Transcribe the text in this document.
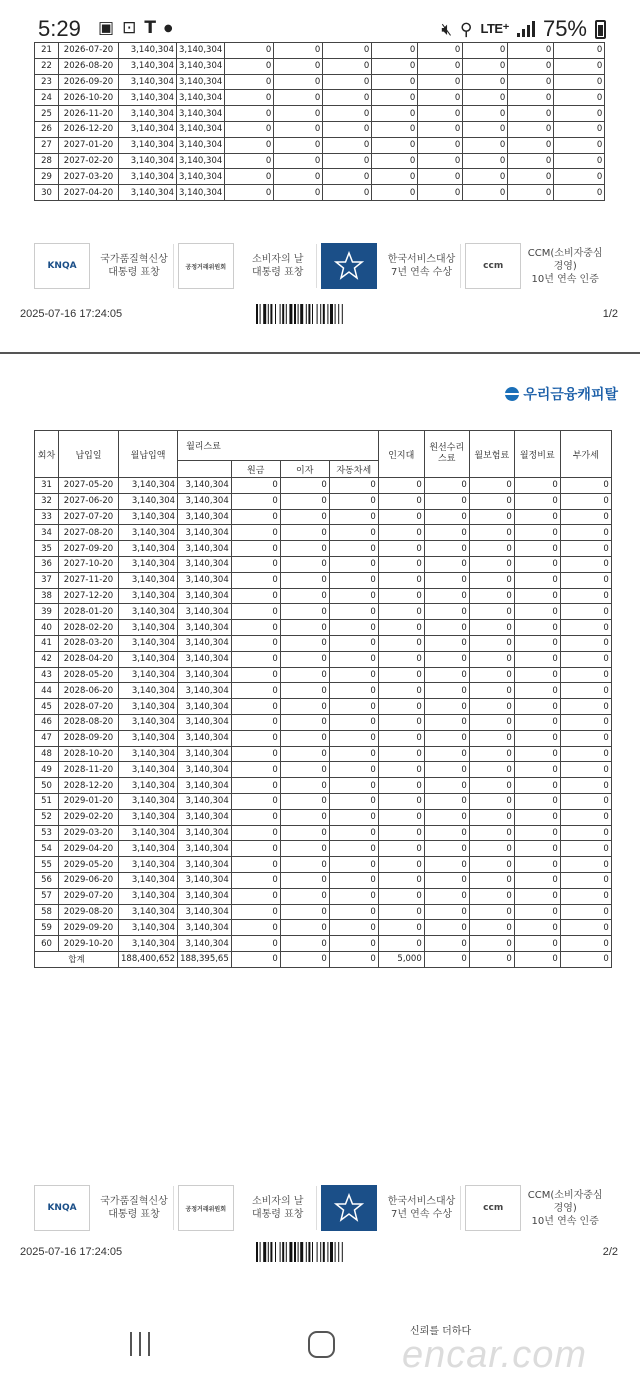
5:29 ▣ ⊡ T ●	🔇︎ ⚲ LTE⁺ 75%
21	2026-07-20	3,140,304	3,140,304	0	0	0	0	0	0	0	0
22	2026-08-20	3,140,304	3,140,304	0	0	0	0	0	0	0	0
23	2026-09-20	3,140,304	3,140,304	0	0	0	0	0	0	0	0
24	2026-10-20	3,140,304	3,140,304	0	0	0	0	0	0	0	0
25	2026-11-20	3,140,304	3,140,304	0	0	0	0	0	0	0	0
26	2026-12-20	3,140,304	3,140,304	0	0	0	0	0	0	0	0
27	2027-01-20	3,140,304	3,140,304	0	0	0	0	0	0	0	0
28	2027-02-20	3,140,304	3,140,304	0	0	0	0	0	0	0	0
29	2027-03-20	3,140,304	3,140,304	0	0	0	0	0	0	0	0
30	2027-04-20	3,140,304	3,140,304	0	0	0	0	0	0	0	0
KNQA
국가품질혁신상
대통령 표창	공정거래위원회
소비자의 날
대통령 표창
한국서비스대상
7년 연속 수상
ccm
CCM(소비자중심경영)
10년 연속 인증
2025-07-16 17:24:05	1/2
우리금융캐피탈
회차	납입일	월납입액	월리스료				인지대	원선수리스료	월보험료	월정비료	부가세
				원금	이자	자동차세					
31	2027-05-20	3,140,304	3,140,304	0	0	0	0	0	0	0	0
32	2027-06-20	3,140,304	3,140,304	0	0	0	0	0	0	0	0
33	2027-07-20	3,140,304	3,140,304	0	0	0	0	0	0	0	0
34	2027-08-20	3,140,304	3,140,304	0	0	0	0	0	0	0	0
35	2027-09-20	3,140,304	3,140,304	0	0	0	0	0	0	0	0
36	2027-10-20	3,140,304	3,140,304	0	0	0	0	0	0	0	0
37	2027-11-20	3,140,304	3,140,304	0	0	0	0	0	0	0	0
38	2027-12-20	3,140,304	3,140,304	0	0	0	0	0	0	0	0
39	2028-01-20	3,140,304	3,140,304	0	0	0	0	0	0	0	0
40	2028-02-20	3,140,304	3,140,304	0	0	0	0	0	0	0	0
41	2028-03-20	3,140,304	3,140,304	0	0	0	0	0	0	0	0
42	2028-04-20	3,140,304	3,140,304	0	0	0	0	0	0	0	0
43	2028-05-20	3,140,304	3,140,304	0	0	0	0	0	0	0	0
44	2028-06-20	3,140,304	3,140,304	0	0	0	0	0	0	0	0
45	2028-07-20	3,140,304	3,140,304	0	0	0	0	0	0	0	0
46	2028-08-20	3,140,304	3,140,304	0	0	0	0	0	0	0	0
47	2028-09-20	3,140,304	3,140,304	0	0	0	0	0	0	0	0
48	2028-10-20	3,140,304	3,140,304	0	0	0	0	0	0	0	0
49	2028-11-20	3,140,304	3,140,304	0	0	0	0	0	0	0	0
50	2028-12-20	3,140,304	3,140,304	0	0	0	0	0	0	0	0
51	2029-01-20	3,140,304	3,140,304	0	0	0	0	0	0	0	0
52	2029-02-20	3,140,304	3,140,304	0	0	0	0	0	0	0	0
53	2029-03-20	3,140,304	3,140,304	0	0	0	0	0	0	0	0
54	2029-04-20	3,140,304	3,140,304	0	0	0	0	0	0	0	0
55	2029-05-20	3,140,304	3,140,304	0	0	0	0	0	0	0	0
56	2029-06-20	3,140,304	3,140,304	0	0	0	0	0	0	0	0
57	2029-07-20	3,140,304	3,140,304	0	0	0	0	0	0	0	0
58	2029-08-20	3,140,304	3,140,304	0	0	0	0	0	0	0	0
59	2029-09-20	3,140,304	3,140,304	0	0	0	0	0	0	0	0
60	2029-10-20	3,140,304	3,140,304	0	0	0	0	0	0	0	0
합계		188,400,652	188,395,65	0	0	0	5,000	0	0	0	0
KNQA
국가품질혁신상
대통령 표창	공정거래위원회
소비자의 날
대통령 표창
한국서비스대상
7년 연속 수상
ccm
CCM(소비자중심경영)
10년 연속 인증
2025-07-16 17:24:05	2/2
신뢰를 더하다
encar.com
